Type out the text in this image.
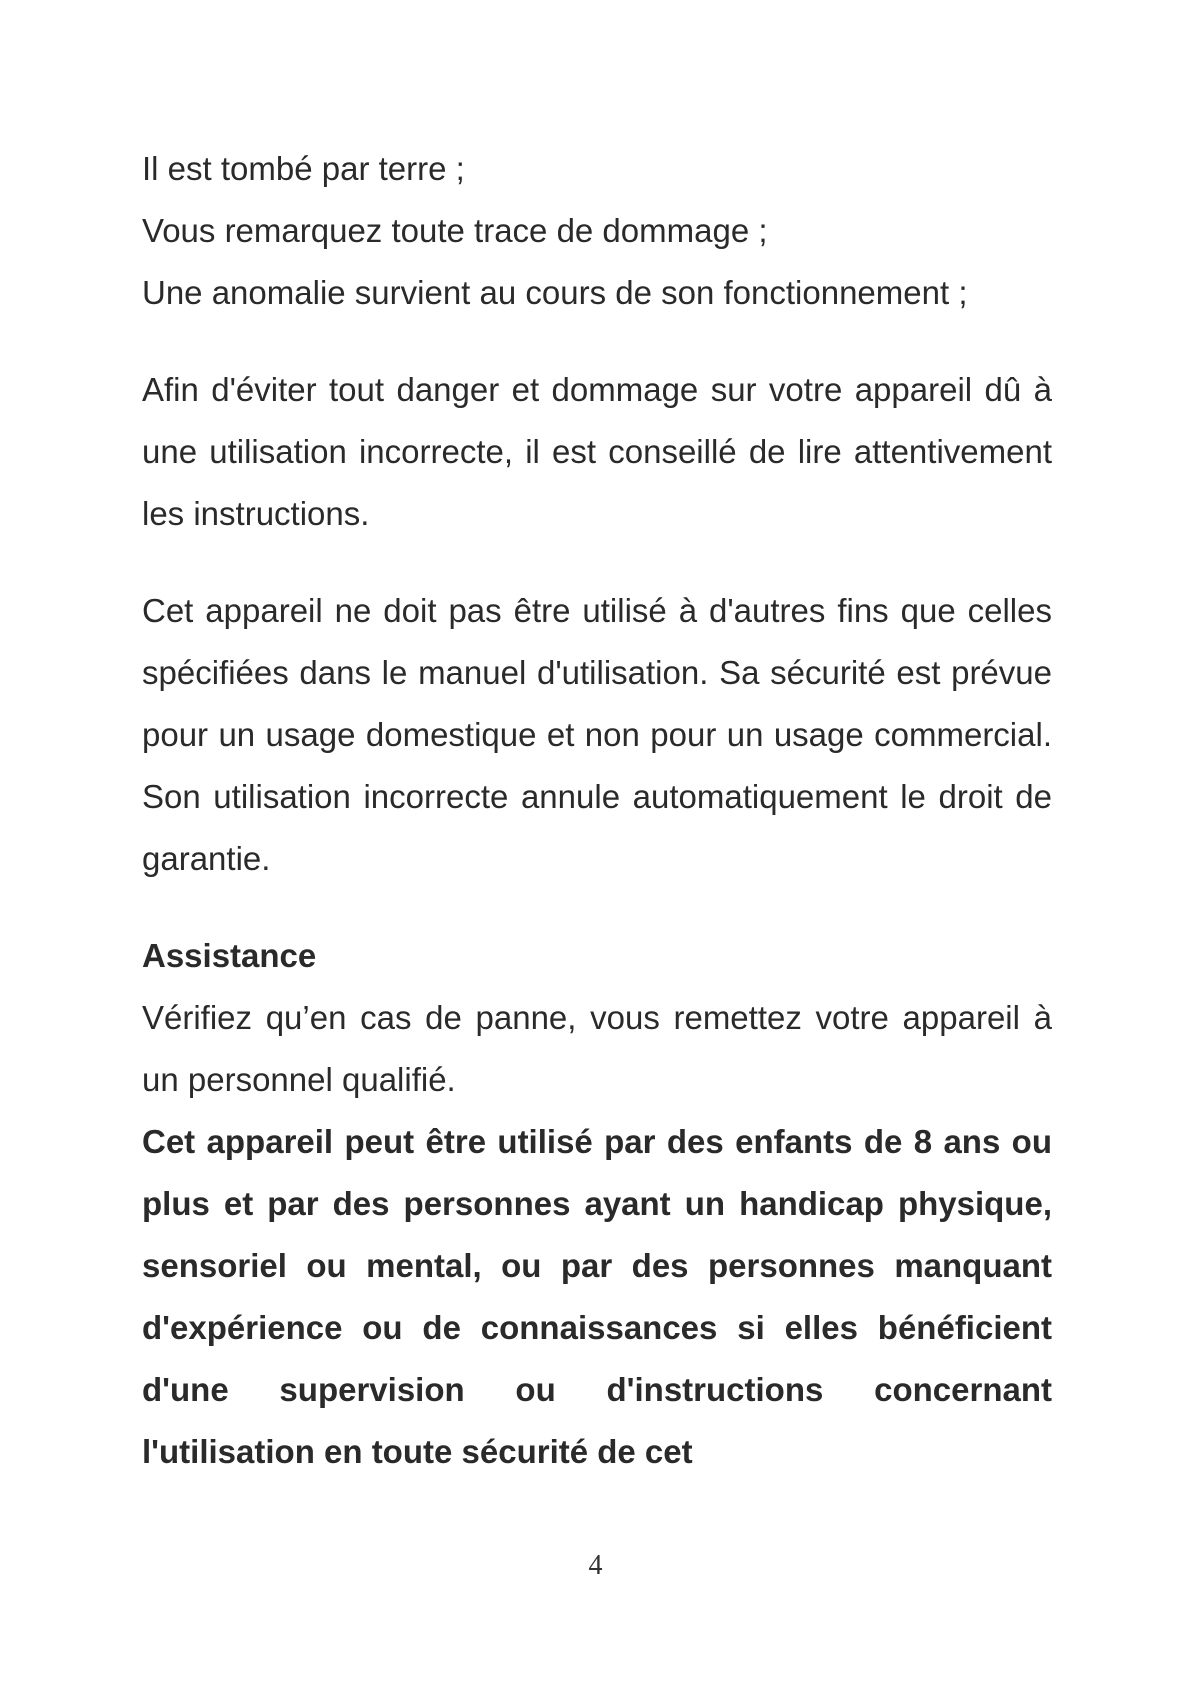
Il est tombé par terre ;

Vous remarquez toute trace de dommage ;

Une anomalie survient au cours de son fonctionnement ;

Afin d'éviter tout danger et dommage sur votre appareil dû à une utilisation incorrecte, il est conseillé de lire attentivement les instructions.

Cet appareil ne doit pas être utilisé à d'autres fins que celles spécifiées dans le manuel d'utilisation. Sa sécurité est prévue pour un usage domestique et non pour un usage commercial. Son utilisation incorrecte annule automatiquement le droit de garantie.

Assistance

Vérifiez qu’en cas de panne, vous remettez votre appareil à un personnel qualifié.

Cet appareil peut être utilisé par des enfants de 8 ans ou plus et par des personnes ayant un handicap physique, sensoriel ou mental, ou par des personnes manquant d'expérience ou de connaissances si elles bénéficient d'une supervision ou d'instructions concernant l'utilisation en toute sécurité de cet

4
